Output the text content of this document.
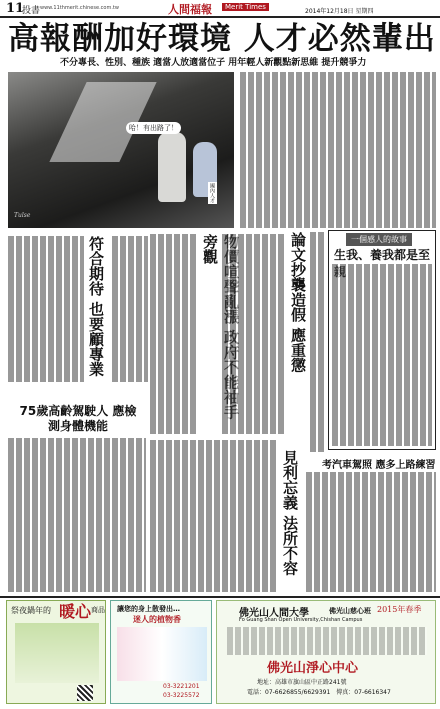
11
投書 www.11thmerit.chinese.com.tw	人間福報	Merit Times
2014年12月18日 星期四
高報酬加好環境 人才必然輩出
不分專長、性別、種族 適當人放適當位子 用年輕人新觀點新思維 提升競爭力
哈！有出路了！
國內人才
Tulse
符合期待 也要顧專業	旁觀	論文抄襲造假 應重懲	一個感人的故事
生我、養我都是至
75歲高齡駕駛人 應檢測身體機能
見利忘義 法所不容 考汽車駕照 應多上路練習
祭夜鍋年的 暖心 商品 讓您的身上散發出…
迷人的植物香
03-3221201
03-3225572
佛光山人間大學	佛光山慈心班 2015年春季
Fo Guang Shan Open University,Chishan Campus
佛光山淨心中心
地址：高雄市旗山區中正路241號
電話：07-6626855/6629391　傳真：07-6616347
